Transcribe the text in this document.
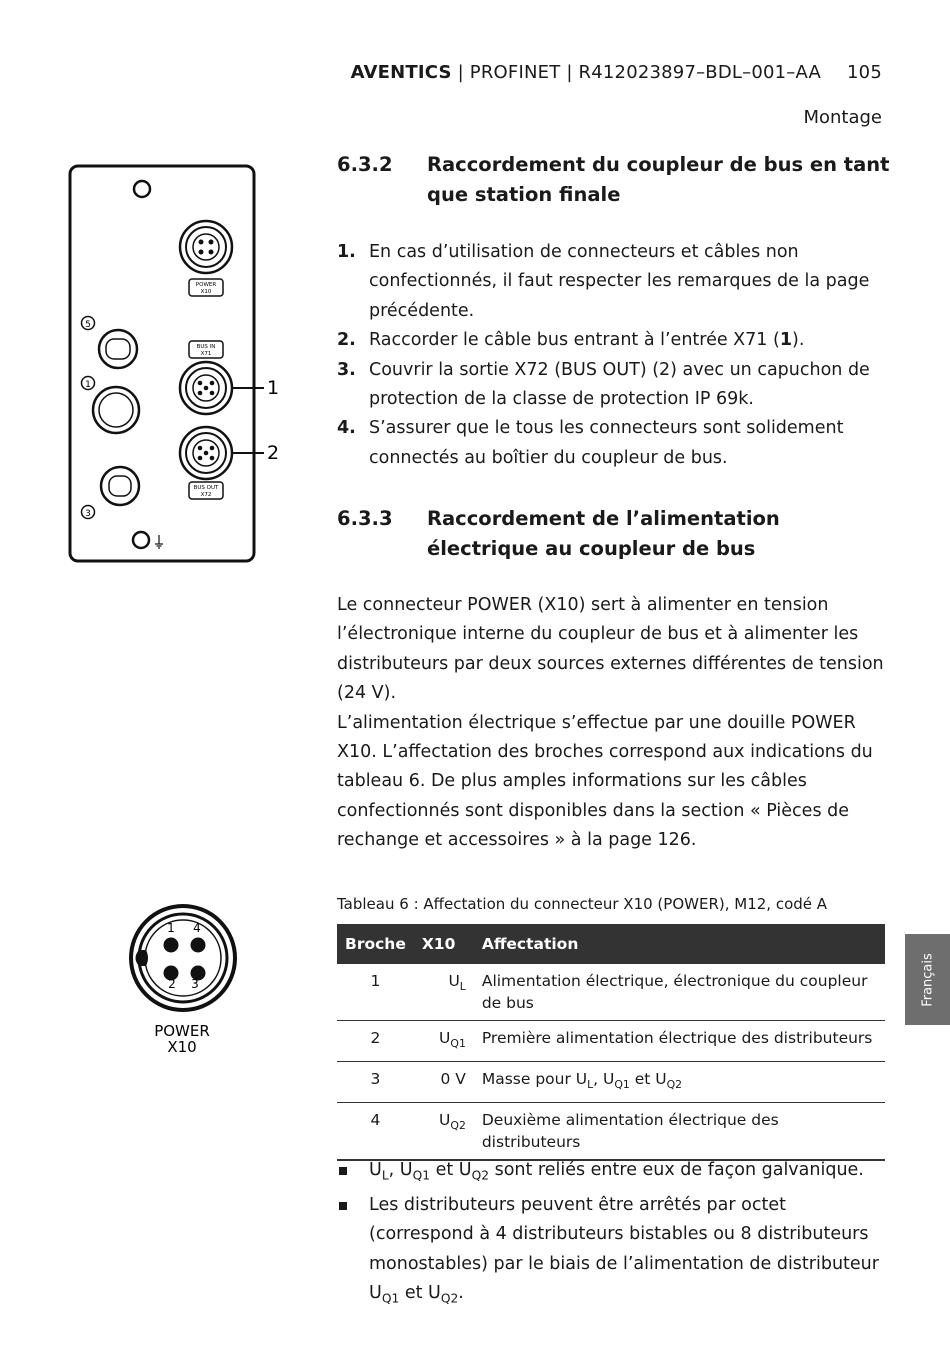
AVENTICS | PROFINET | R412023897–BDL–001–AA 105
Montage
POWER
X10
BUS IN
X71
1
2
BUS OUT
X72
5
1
3
1 4
2 3
POWER
X10
6.3.2 Raccordement du coupleur de bus en tant que station finale
1. En cas d’utilisation de connecteurs et câbles non confectionnés, il faut respecter les remarques de la page précédente.
2. Raccorder le câble bus entrant à l’entrée X71 (1).
3. Couvrir la sortie X72 (BUS OUT) (2) avec un capuchon de protection de la classe de protection IP 69k.
4. S’assurer que le tous les connecteurs sont solidement connectés au boîtier du coupleur de bus.
6.3.3 Raccordement de l’alimentation électrique au coupleur de bus
Le connecteur POWER (X10) sert à alimenter en tension l’électronique interne du coupleur de bus et à alimenter les distributeurs par deux sources externes différentes de tension (24 V).
L’alimentation électrique s’effectue par une douille POWER X10. L’affectation des broches correspond aux indications du tableau 6. De plus amples informations sur les câbles confectionnés sont disponibles dans la section « Pièces de rechange et accessoires » à la page 126.
Tableau 6 : Affectation du connecteur X10 (POWER), M12, codé A
Broche	X10	Affectation
1	$U_L$	Alimentation électrique, électronique du coupleur de bus
2	$U_{Q1}$	Première alimentation électrique des distributeurs
3	0 V	Masse pour $U_L$, $U_{Q1}$ et $U_{Q2}$
4	$U_{Q2}$	Deuxième alimentation électrique des distributeurs
$U_L$, $U_{Q1}$ et $U_{Q2}$ sont reliés entre eux de façon galvanique.
Les distributeurs peuvent être arrêtés par octet (correspond à 4 distributeurs bistables ou 8 distributeurs monostables) par le biais de l’alimentation de distributeur $U_{Q1}$ et $U_{Q2}$.
Français
